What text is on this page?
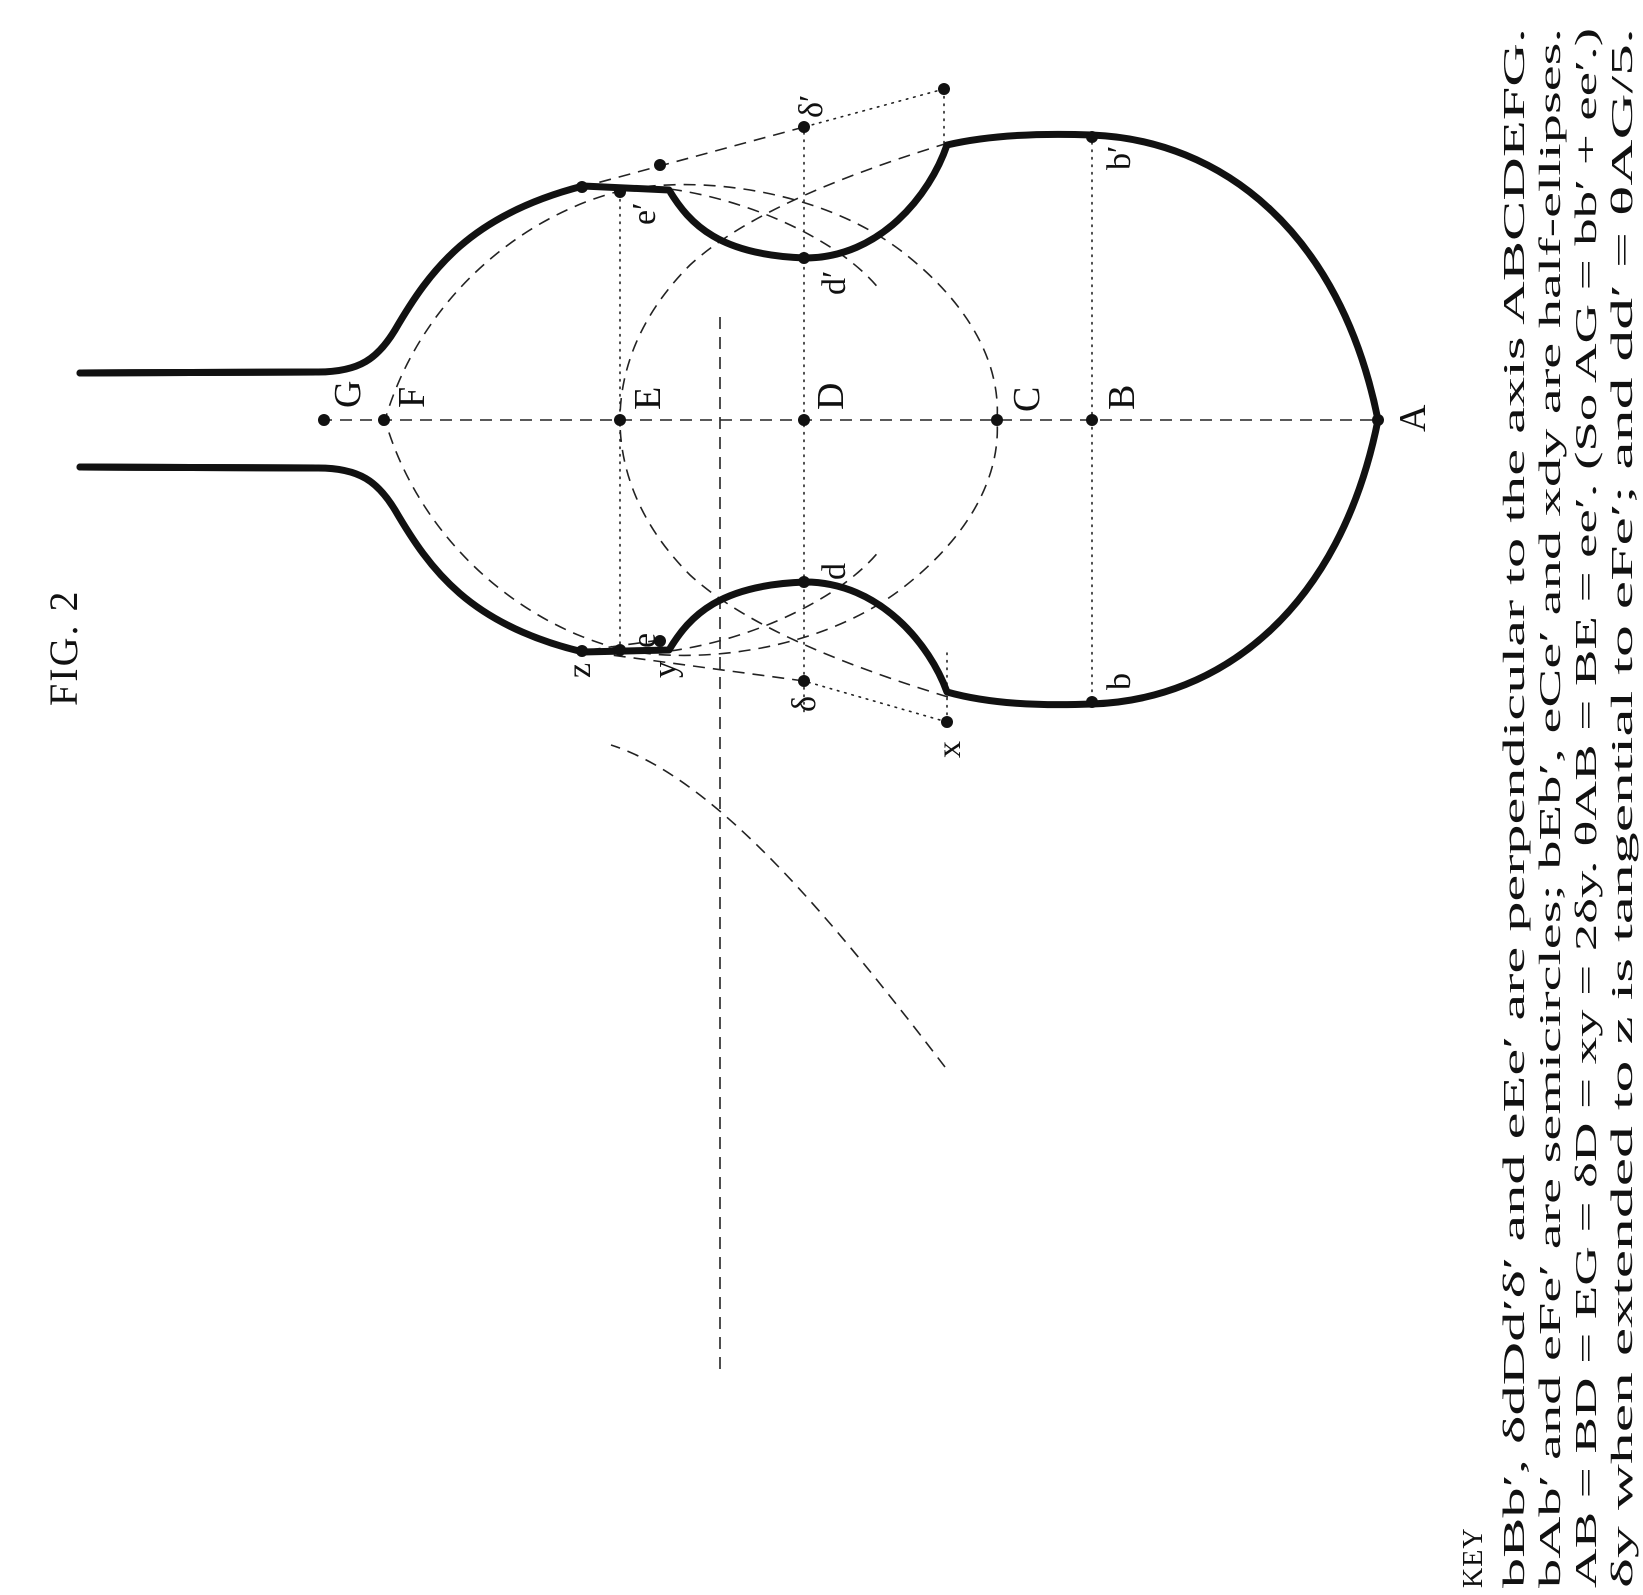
A
B
C
D
E
F
G
b
b′
d
d′
e
e′
δ
δ′
x
y
z
FIG. 2
KEY bBb′, δdDd′δ′ and eEe′ are perpendicular to the axis ABCDEFG. bAb′ and eFe′ are semicircles; bEb′, eCe′ and xdy are half-ellipses. AB = BD = EG = δD = xy = 2δy. θAB = BE = ee′. (So AG = bb′ + ee′.) δy when extended to z is tangential to eFe′; and dd′ = θAG/5.
